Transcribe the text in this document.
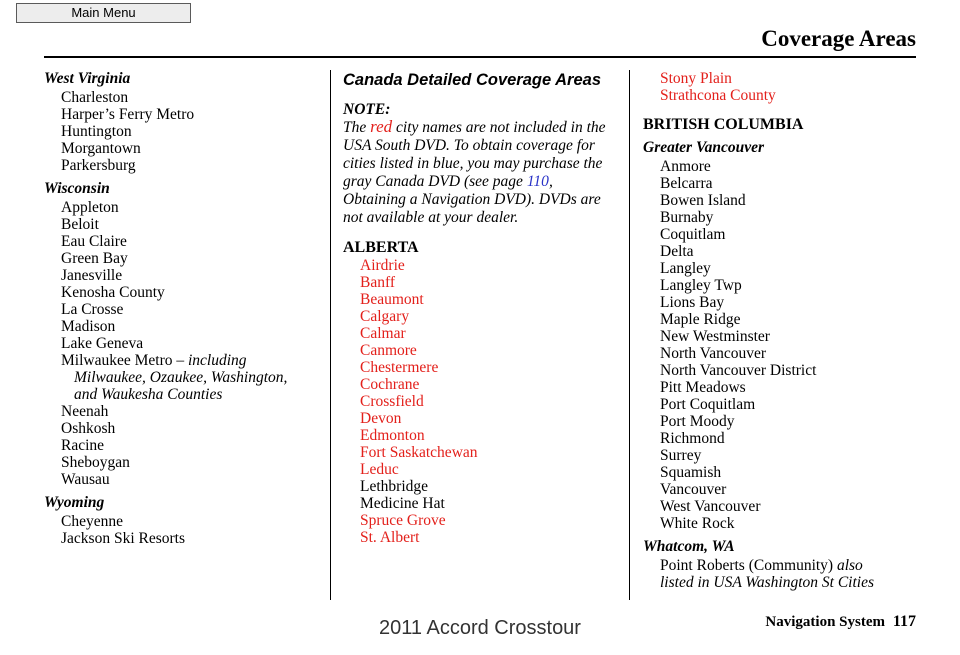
Main Menu
Coverage Areas
West Virginia
Charleston
Harper’s Ferry Metro
Huntington
Morgantown
Parkersburg
Wisconsin
Appleton
Beloit
Eau Claire
Green Bay
Janesville
Kenosha County
La Crosse
Madison
Lake Geneva
Milwaukee Metro – including
Milwaukee, Ozaukee, Washington, and Waukesha Counties
Neenah
Oshkosh
Racine
Sheboygan
Wausau
Wyoming
Cheyenne
Jackson Ski Resorts
Canada Detailed Coverage Areas
NOTE:
The red city names are not included in the USA South DVD. To obtain coverage for cities listed in blue, you may purchase the gray Canada DVD (see page 110, Obtaining a Navigation DVD). DVDs are not available at your dealer.
ALBERTA
Airdrie
Banff
Beaumont
Calgary
Calmar
Canmore
Chestermere
Cochrane
Crossfield
Devon
Edmonton
Fort Saskatchewan
Leduc
Lethbridge
Medicine Hat
Spruce Grove
St. Albert
Stony Plain
Strathcona County
BRITISH COLUMBIA
Greater Vancouver
Anmore
Belcarra
Bowen Island
Burnaby
Coquitlam
Delta
Langley
Langley Twp
Lions Bay
Maple Ridge
New Westminster
North Vancouver
North Vancouver District
Pitt Meadows
Port Coquitlam
Port Moody
Richmond
Surrey
Squamish
Vancouver
West Vancouver
White Rock
Whatcom, WA
Point Roberts (Community) also
listed in USA Washington St Cities
Navigation System 117
2011 Accord Crosstour
